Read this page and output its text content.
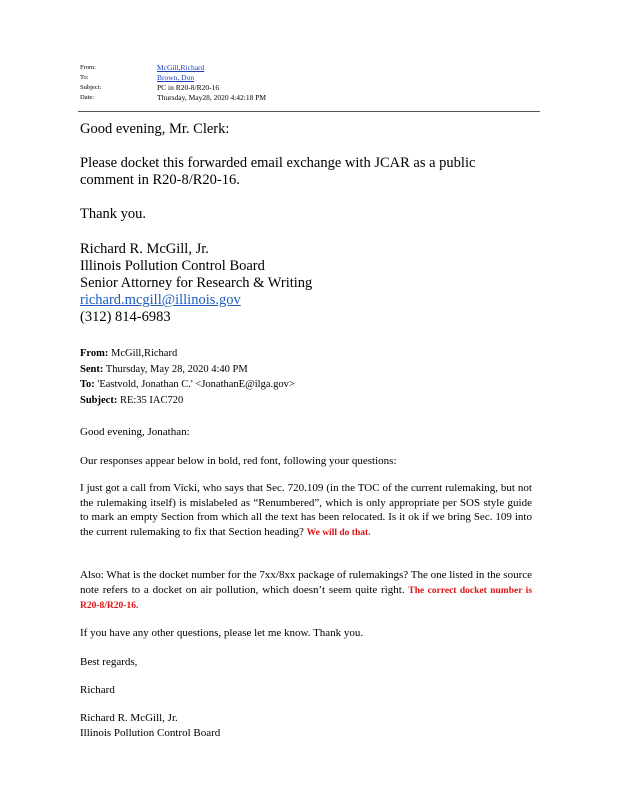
From:	McGill,Richard
To:	Brown, Don
Subject:	PC in R20-8/R20-16
Date:	Thursday, May28, 2020 4:42:18 PM
Good evening, Mr. Clerk:
Please docket this forwarded email exchange with JCAR as a public
comment in R20-8/R20-16.
Thank you.
Richard R. McGill, Jr.
Illinois Pollution Control Board
Senior Attorney for Research & Writing
richard.mcgill@illinois.gov
(312) 814-6983
From: McGill,Richard
Sent: Thursday, May 28, 2020 4:40 PM
To: 'Eastvold, Jonathan C.' <JonathanE@ilga.gov>
Subject: RE:35 IAC720
Good evening, Jonathan:
Our responses appear below in bold, red font, following your questions:
I just got a call from Vicki, who says that Sec. 720.109 (in the TOC of the current rulemaking, but not the rulemaking itself) is mislabeled as “Renumbered”, which is only appropriate per SOS style guide to mark an empty Section from which all the text has been relocated. Is it ok if we bring Sec. 109 into the current rulemaking to fix that Section heading? We will do that.
Also: What is the docket number for the 7xx/8xx package of rulemakings? The one listed in the source note refers to a docket on air pollution, which doesn’t seem quite right. The correct docket number is R20-8/R20-16.
If you have any other questions, please let me know. Thank you.
Best regards,
Richard
Richard R. McGill, Jr.
Illinois Pollution Control Board
